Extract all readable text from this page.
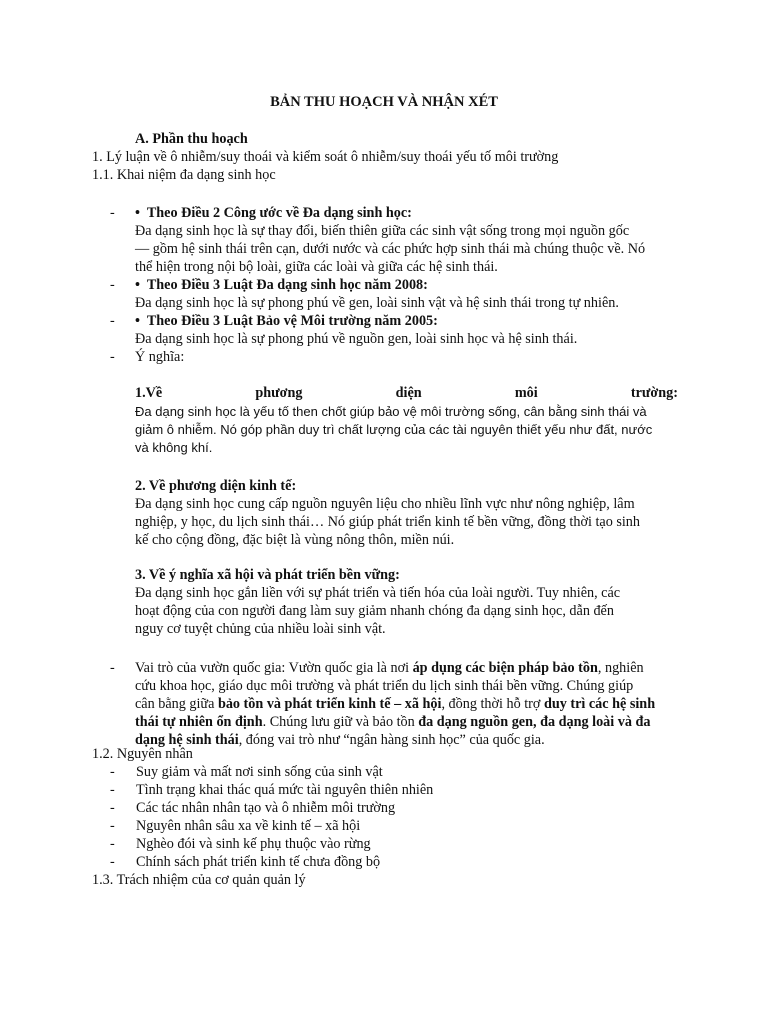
BẢN THU HOẠCH VÀ NHẬN XÉT
A. Phần thu hoạch
1. Lý luận về ô nhiễm/suy thoái và kiểm soát ô nhiễm/suy thoái yếu tố môi trường
1.1. Khai niệm đa dạng sinh học
- • Theo Điều 2 Công ước về Đa dạng sinh học:
Đa dạng sinh học là sự thay đổi, biến thiên giữa các sinh vật sống trong mọi nguồn gốc
— gồm hệ sinh thái trên cạn, dưới nước và các phức hợp sinh thái mà chúng thuộc về. Nó
thể hiện trong nội bộ loài, giữa các loài và giữa các hệ sinh thái.
- • Theo Điều 3 Luật Đa dạng sinh học năm 2008:
Đa dạng sinh học là sự phong phú về gen, loài sinh vật và hệ sinh thái trong tự nhiên.
- • Theo Điều 3 Luật Bảo vệ Môi trường năm 2005:
Đa dạng sinh học là sự phong phú về nguồn gen, loài sinh học và hệ sinh thái.
- Ý nghĩa:
1.Về	phương	diện	môi	trường:
Đa dạng sinh học là yếu tố then chốt giúp bảo vệ môi trường sống, cân bằng sinh thái và
giảm ô nhiễm. Nó góp phần duy trì chất lượng của các tài nguyên thiết yếu như đất, nước
và không khí.
2. Về phương diện kinh tế:
Đa dạng sinh học cung cấp nguồn nguyên liệu cho nhiều lĩnh vực như nông nghiệp, lâm
nghiệp, y học, du lịch sinh thái… Nó giúp phát triển kinh tế bền vững, đồng thời tạo sinh
kế cho cộng đồng, đặc biệt là vùng nông thôn, miền núi.
3. Về ý nghĩa xã hội và phát triển bền vững:
Đa dạng sinh học gắn liền với sự phát triển và tiến hóa của loài người. Tuy nhiên, các
hoạt động của con người đang làm suy giảm nhanh chóng đa dạng sinh học, dẫn đến
nguy cơ tuyệt chủng của nhiều loài sinh vật.
- Vai trò của vườn quốc gia: Vườn quốc gia là nơi áp dụng các biện pháp bảo tồn, nghiên
cứu khoa học, giáo dục môi trường và phát triển du lịch sinh thái bền vững. Chúng giúp
cân bằng giữa bảo tồn và phát triển kinh tế – xã hội, đồng thời hỗ trợ duy trì các hệ sinh
thái tự nhiên ổn định. Chúng lưu giữ và bảo tồn đa dạng nguồn gen, đa dạng loài và đa
dạng hệ sinh thái, đóng vai trò như “ngân hàng sinh học” của quốc gia.
1.2. Nguyên nhân
- Suy giảm và mất nơi sinh sống của sinh vật
- Tình trạng khai thác quá mức tài nguyên thiên nhiên
- Các tác nhân nhân tạo và ô nhiễm môi trường
- Nguyên nhân sâu xa về kinh tế – xã hội
- Nghèo đói và sinh kế phụ thuộc vào rừng
- Chính sách phát triển kinh tế chưa đồng bộ
1.3. Trách nhiệm của cơ quản quản lý
